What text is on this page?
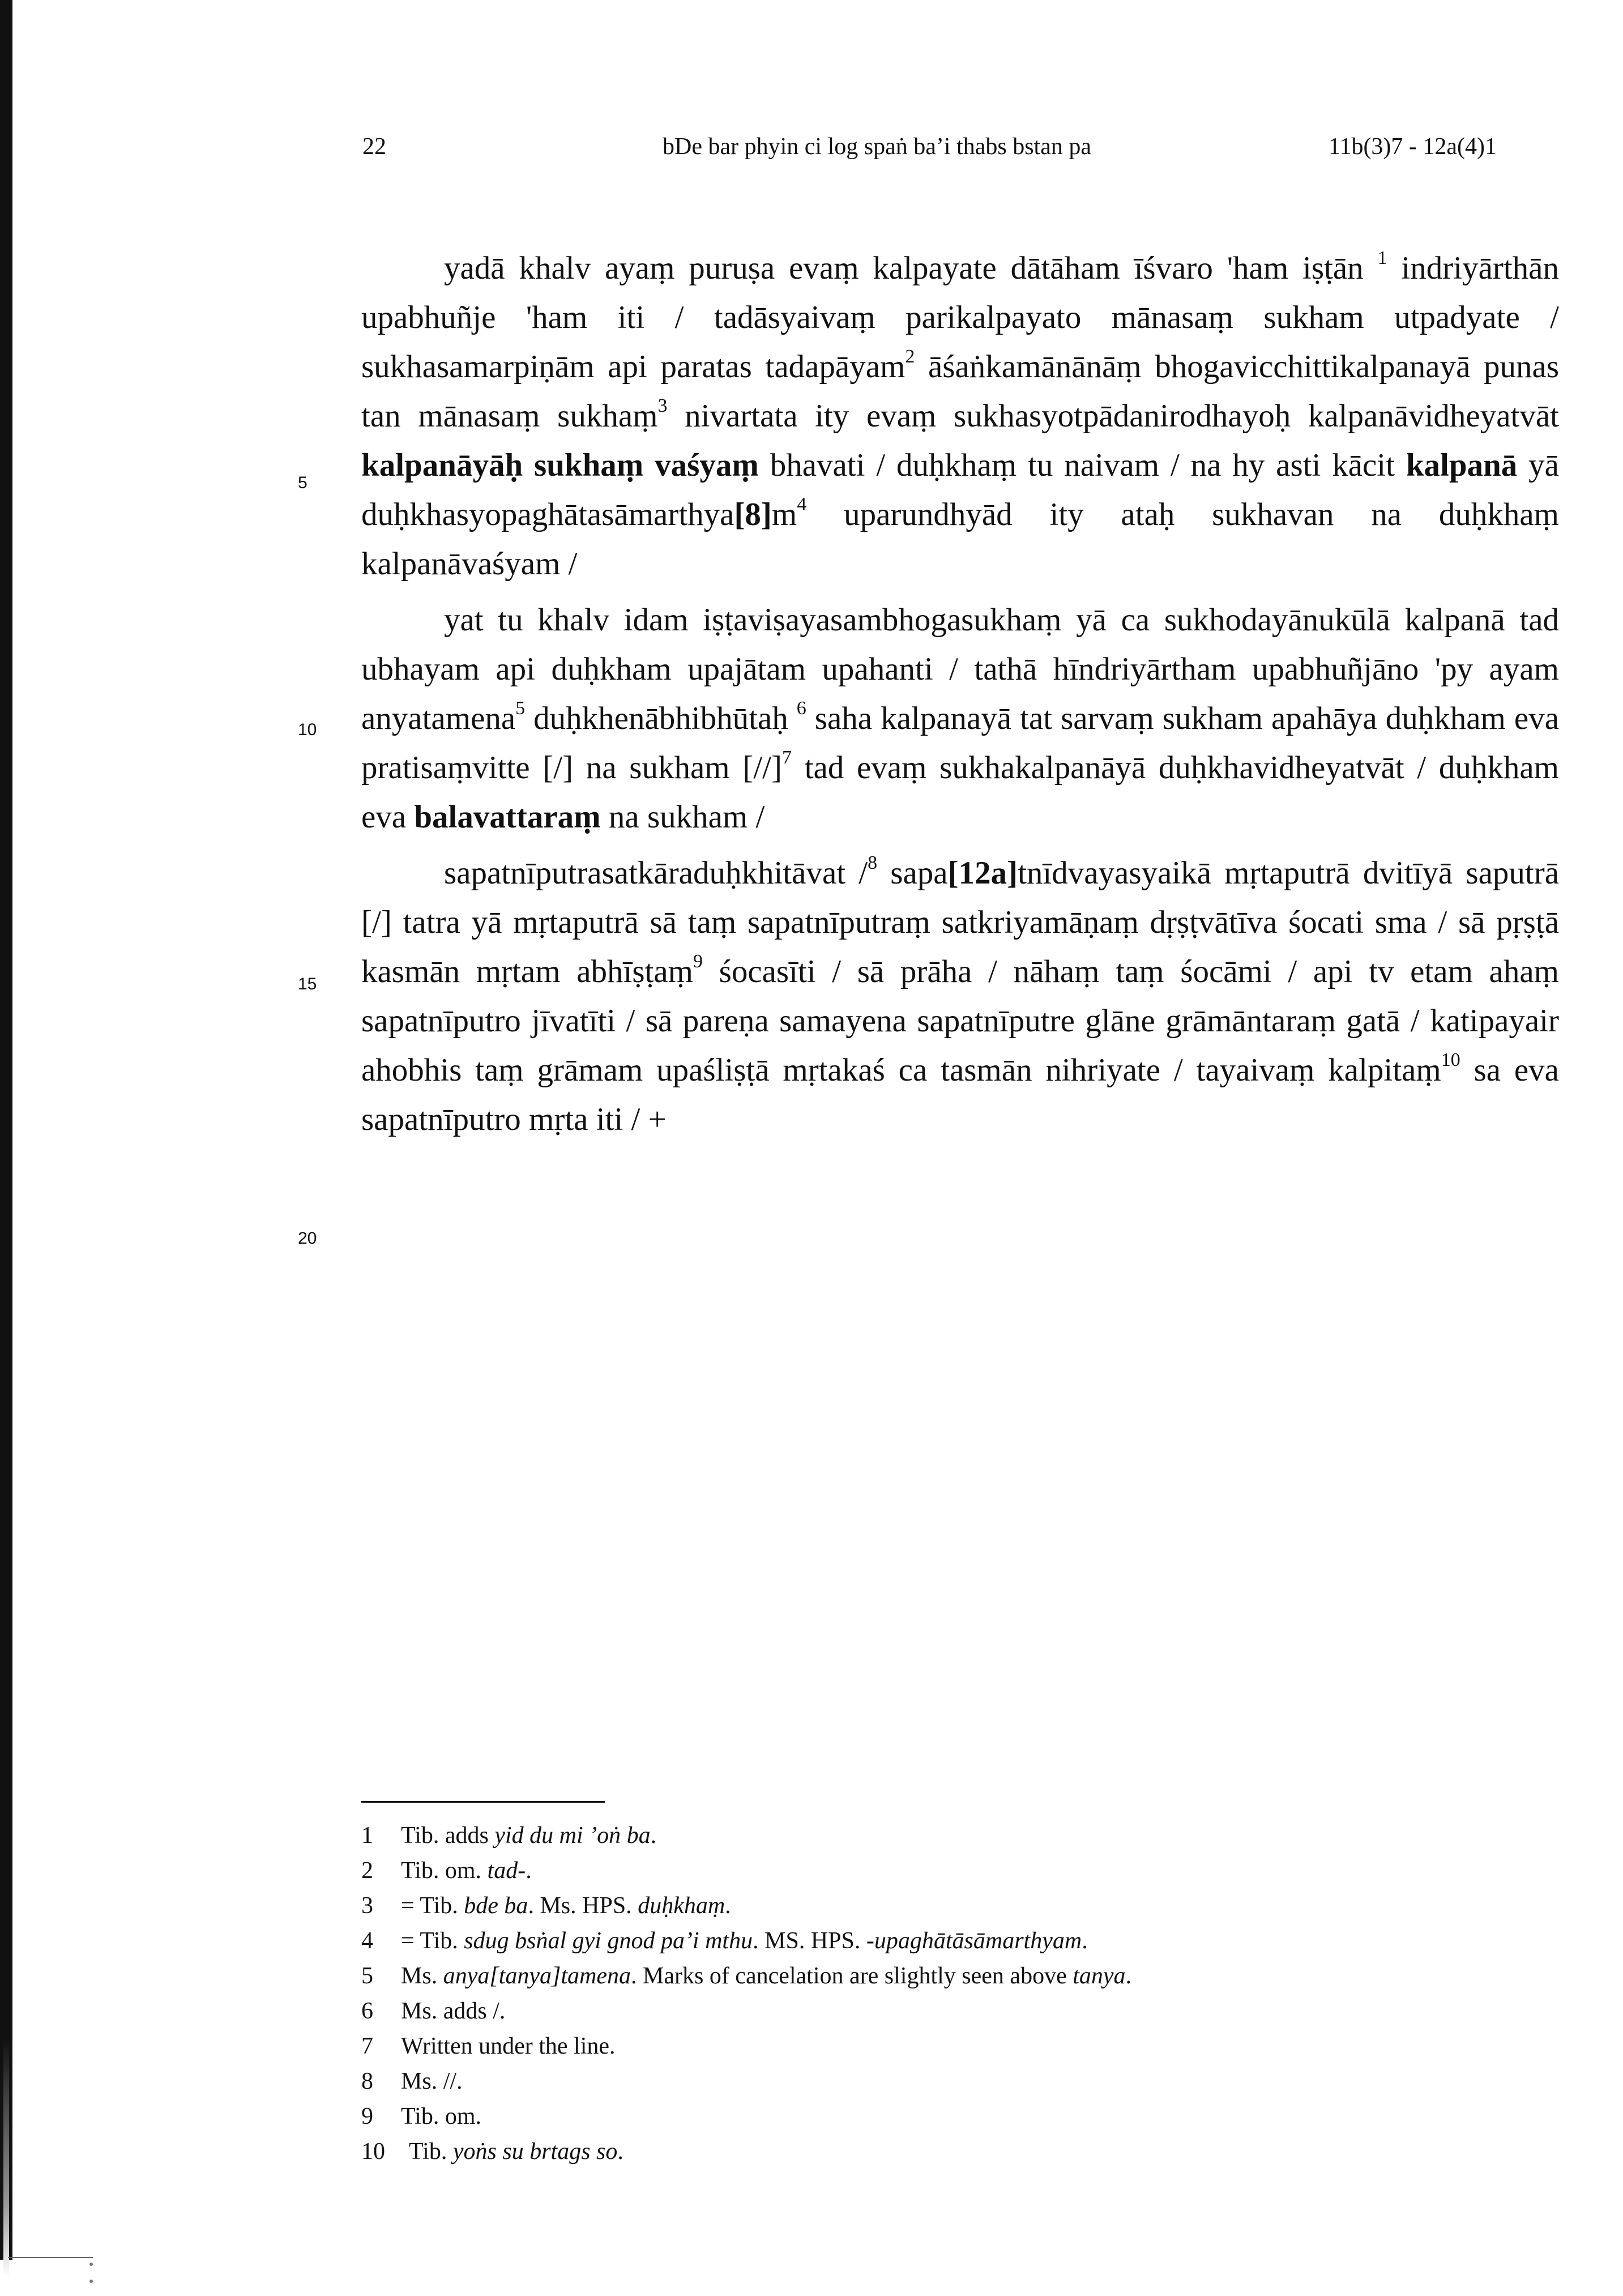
22	bDe bar phyin ci log spaṅ ba’i thabs bstan pa	11b(3)7 - 12a(4)1
5
10
15
20

yadā khalv ayaṃ puruṣa evaṃ kalpayate dātāham īśvaro 'ham iṣṭān $^1$ indriyārthān upabhuñje 'ham iti / tadāsyaivaṃ parikalpayato mānasaṃ sukham utpadyate / sukhasamarpiṇām api paratas tadapāyam$^2$ āśaṅkamānānāṃ bhogavicchittikalpanayā punas tan mānasaṃ sukhaṃ$^3$ nivartata ity evaṃ sukhasyotpādanirodhayoḥ kalpanāvidheyatvāt kalpanāyāḥ sukhaṃ vaśyaṃ bhavati / duḥkhaṃ tu naivam / na hy asti kācit kalpanā yā $duḥkhasyopaghātasāmarthya[8]m^4$ uparundhyād ity ataḥ sukhavan na duḥkhaṃ kalpanāvaśyam /

yat tu khalv idam iṣṭaviṣayasambhogasukhaṃ yā ca sukhodayānukūlā kalpanā tad ubhayam api duḥkham upajātam upahanti / tathā hīndriyārtham upabhuñjāno 'py ayam anyatamena$^5$ duḥkhenābhibhūtaḥ $^6$ saha kalpanayā tat sarvaṃ sukham apahāya duḥkham eva pratisaṃvitte [/] na sukham $[//]^7$ tad evaṃ sukhakalpanāyā duḥkhavidheyatvāt / duḥkham eva balavattaraṃ na sukham /

sapatnīputrasatkāraduḥkhitāvat /$^8$ sapa[12a]tnīdvayasyaikā mṛtaputrā dvitīyā saputrā [/] tatra yā mṛtaputrā sā taṃ sapatnīputraṃ satkriyamāṇaṃ dṛṣṭvātīva śocati sma / sā pṛṣṭā kasmān mṛtam abhīṣṭaṃ$^9$ śocasīti / sā prāha / nāhaṃ taṃ śocāmi / api tv etam ahaṃ sapatnīputro jīvatīti / sā pareṇa samayena sapatnīputre glāne grāmāntaraṃ gatā / katipayair ahobhis taṃ grāmam upaśliṣṭā mṛtakaś ca tasmān nihriyate / tayaivaṃ kalpitaṃ$^{10}$ sa eva sapatnīputro mṛta iti / +

1	Tib. adds yid du mi ’oṅ ba.
2	Tib. om. tad-.
3	= Tib. bde ba. Ms. HPS. duḥkhaṃ.
4	= Tib. sdug bsṅal gyi gnod pa’i mthu. MS. HPS. -upaghātāsāmarthyam.
5	Ms. anya[tanya]tamena. Marks of cancelation are slightly seen above tanya.
6	Ms. adds /.
7	Written under the line.
8	Ms. //.
9	Tib. om.
10	Tib. yoṅs su brtags so.
